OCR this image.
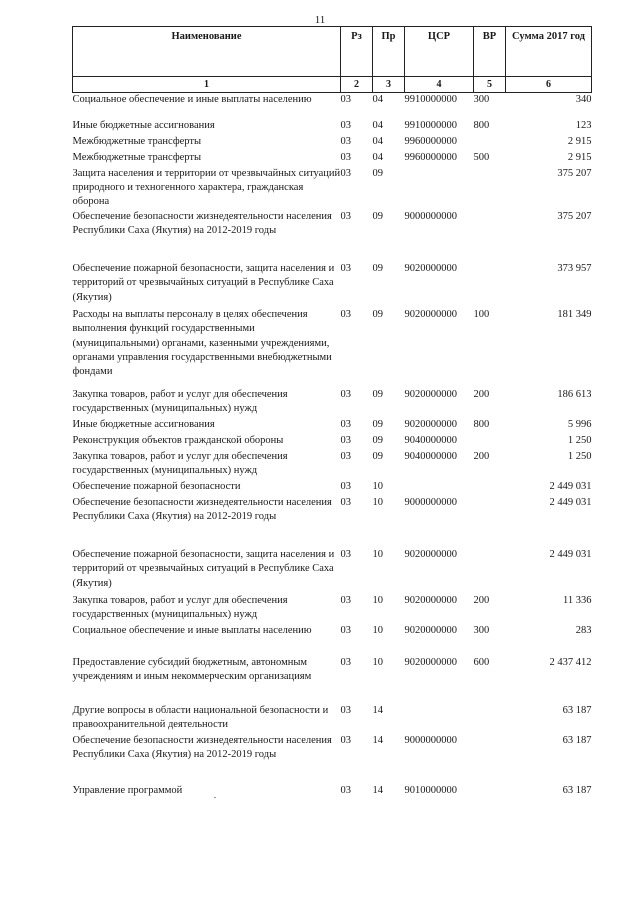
11
Наименование	Рз	Пр	ЦСР	ВР	Сумма 2017 год
1	2	3	4	5	6
Социальное обеспечение и иные выплаты населению	03	04	9910000000	300	340
Иные бюджетные ассигнования	03	04	9910000000	800	123
Межбюджетные трансферты	03	04	9960000000		2 915
Межбюджетные трансферты	03	04	9960000000	500	2 915
Защита населения и территории от чрезвычайных ситуаций природного и техногенного характера, гражданская оборона	03	09			375 207
Обеспечение безопасности жизнедеятельности населения Республики Саха (Якутия) на 2012-2019 годы	03	09	9000000000		375 207
Обеспечение пожарной безопасности, защита населения и территорий от чрезвычайных ситуаций в Республике Саха (Якутия)	03	09	9020000000		373 957
Расходы на выплаты персоналу в целях обеспечения выполнения функций государственными (муниципальными) органами, казенными учреждениями, органами управления государственными внебюджетными фондами	03	09	9020000000	100	181 349
Закупка товаров, работ и услуг для обеспечения государственных (муниципальных) нужд	03	09	9020000000	200	186 613
Иные бюджетные ассигнования	03	09	9020000000	800	5 996
Реконструкция объектов гражданской обороны	03	09	9040000000		1 250
Закупка товаров, работ и услуг для обеспечения государственных (муниципальных) нужд	03	09	9040000000	200	1 250
Обеспечение пожарной безопасности	03	10			2 449 031
Обеспечение безопасности жизнедеятельности населения Республики Саха (Якутия) на 2012-2019 годы	03	10	9000000000		2 449 031
Обеспечение пожарной безопасности, защита населения и территорий от чрезвычайных ситуаций в Республике Саха (Якутия)	03	10	9020000000		2 449 031
Закупка товаров, работ и услуг для обеспечения государственных (муниципальных) нужд	03	10	9020000000	200	11 336
Социальное обеспечение и иные выплаты населению	03	10	9020000000	300	283
Предоставление субсидий бюджетным, автономным учреждениям и иным некоммерческим организациям	03	10	9020000000	600	2 437 412
Другие вопросы в области национальной безопасности и правоохранительной деятельности	03	14			63 187
Обеспечение безопасности жизнедеятельности населения Республики Саха (Якутия) на 2012-2019 годы	03	14	9000000000		63 187
Управление программой	03	14	9010000000		63 187
